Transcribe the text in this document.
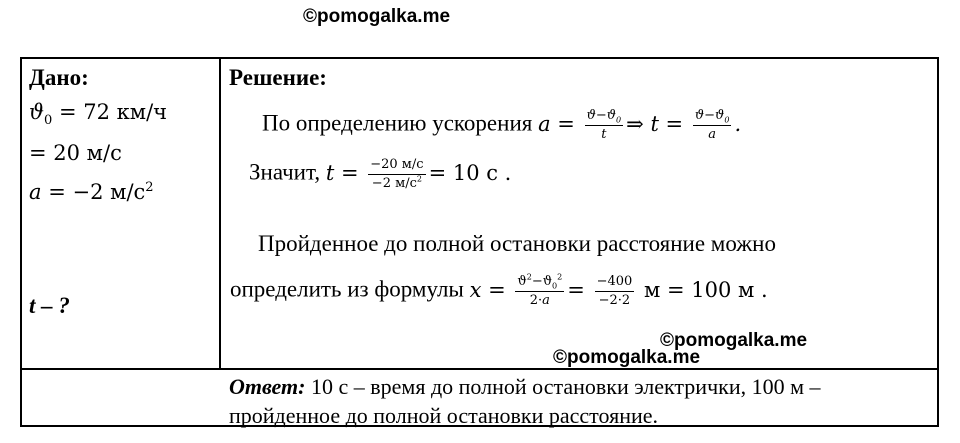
©pomogalka.me
Дано:
$ϑ_0 = 72$ км/ч
= 20 м/с
a = −2 $м/с^2$
t – ?
Решение:
По определению ускорения $a = \frac{ϑ-ϑ_0}{t}$ ⇒ $t = \frac{ϑ-ϑ_0}{a}$ .
Значит, $t = \frac{-20 м/с}{-2 м/с^2} = 10$ с .
Пройденное до полной остановки расстояние можно
определить из формулы $x = \frac{ϑ^2-ϑ_0^2}{2\cdot a} = \frac{-400}{-2\cdot 2}$ м = 100 м .
©pomogalka.me
©pomogalka.me
Ответ: 10 с – время до полной остановки электрички, 100 м – пройденное до полной остановки расстояние.
